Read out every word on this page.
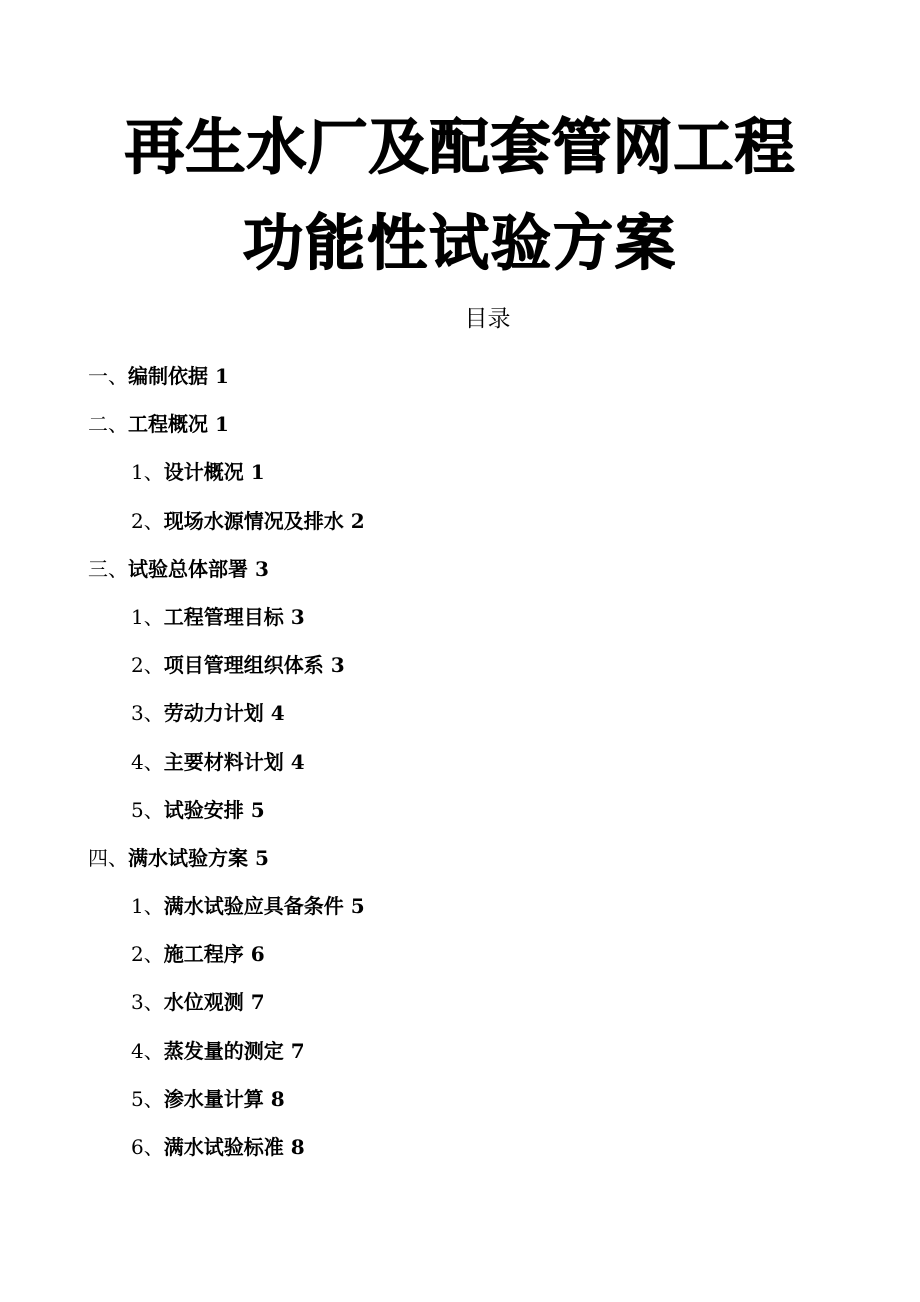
再生水厂及配套管网工程
功能性试验方案
目录
一、 编制依据 1
二、 工程概况 1
1、 设计概况 1
2、 现场水源情况及排水 2
三、 试验总体部署 3
1、 工程管理目标 3
2、 项目管理组织体系 3
3、 劳动力计划 4
4、 主要材料计划 4
5、 试验安排 5
四、 满水试验方案 5
1、 满水试验应具备条件 5
2、 施工程序 6
3、 水位观测 7
4、 蒸发量的测定 7
5、 渗水量计算 8
6、 满水试验标准 8
